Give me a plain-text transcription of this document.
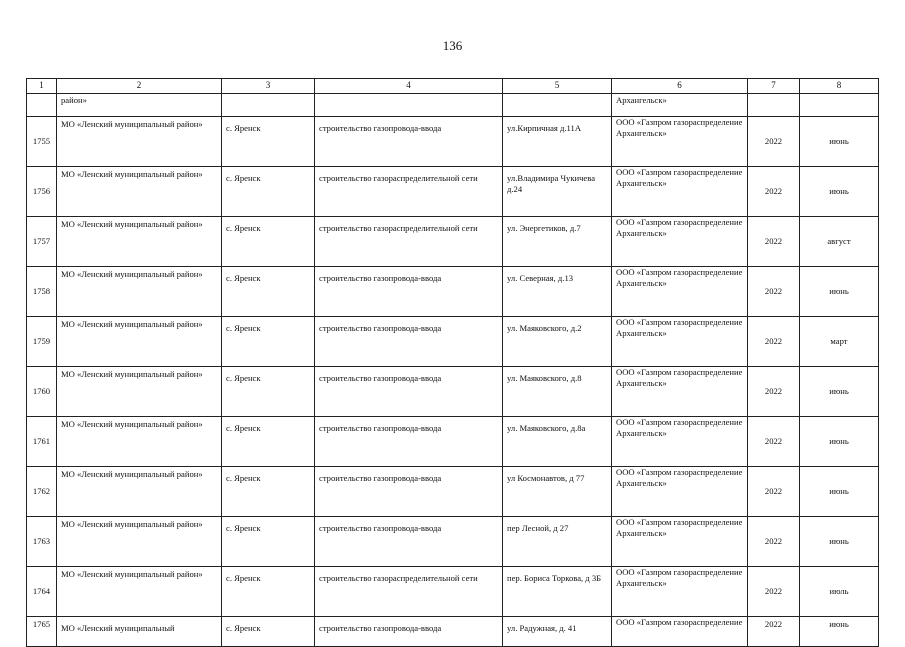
136
1	2	3	4	5	6	7	8
	район»				Архангельск»		
1755	МО «Ленский муниципальный район»	с. Яренск	строительство газопровода-ввода	ул.Кирпичная д.11А	ООО «Газпром газораспределение Архангельск»	2022	июнь
1756	МО «Ленский муниципальный район»	с. Яренск	строительство газораспределительной сети	ул.Владимира Чукичева д.24	ООО «Газпром газораспределение Архангельск»	2022	июнь
1757	МО «Ленский муниципальный район»	с. Яренск	строительство газораспределительной сети	ул. Энергетиков, д.7	ООО «Газпром газораспределение Архангельск»	2022	август
1758	МО «Ленский муниципальный район»	с. Яренск	строительство газопровода-ввода	ул. Северная, д.13	ООО «Газпром газораспределение Архангельск»	2022	июнь
1759	МО «Ленский муниципальный район»	с. Яренск	строительство газопровода-ввода	ул. Маяковского, д.2	ООО «Газпром газораспределение Архангельск»	2022	март
1760	МО «Ленский муниципальный район»	с. Яренск	строительство газопровода-ввода	ул. Маяковского, д.8	ООО «Газпром газораспределение Архангельск»	2022	июнь
1761	МО «Ленский муниципальный район»	с. Яренск	строительство газопровода-ввода	ул. Маяковского, д.8а	ООО «Газпром газораспределение Архангельск»	2022	июнь
1762	МО «Ленский муниципальный район»	с. Яренск	строительство газопровода-ввода	ул Космонавтов, д 77	ООО «Газпром газораспределение Архангельск»	2022	июнь
1763	МО «Ленский муниципальный район»	с. Яренск	строительство газопровода-ввода	пер Лесной, д 27	ООО «Газпром газораспределение Архангельск»	2022	июнь
1764	МО «Ленский муниципальный район»	с. Яренск	строительство газораспределительной сети	пер. Бориса Торкова, д 3Б	ООО «Газпром газораспределение Архангельск»	2022	июль
1765	МО «Ленский муниципальный	с. Яренск	строительство газопровода-ввода	ул. Радужная, д. 41	ООО «Газпром газораспределение	2022	июнь
